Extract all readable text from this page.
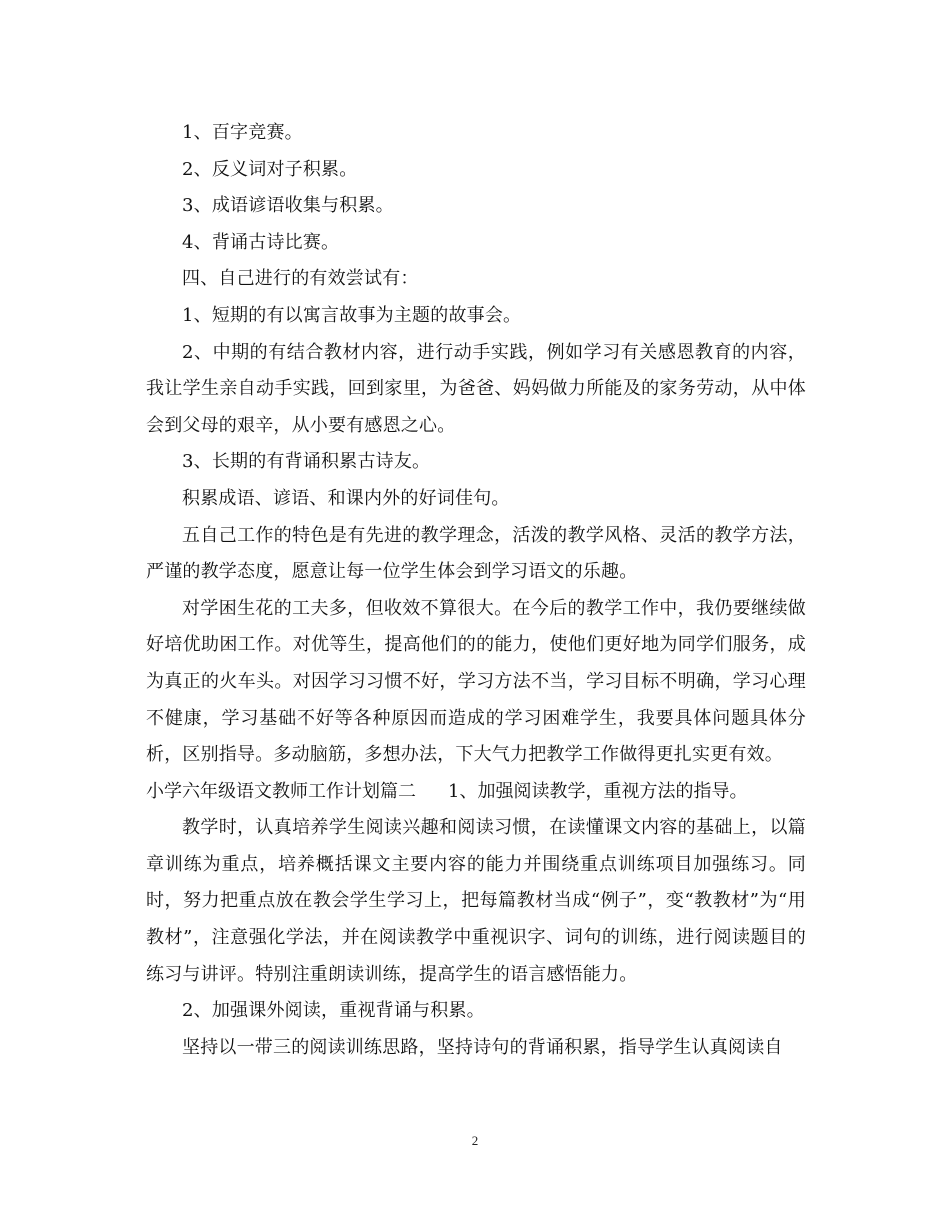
1、百字竞赛。

2、反义词对子积累。

3、成语谚语收集与积累。

4、背诵古诗比赛。

四、自己进行的有效尝试有：

1、短期的有以寓言故事为主题的故事会。

2、中期的有结合教材内容，进行动手实践，例如学习有关感恩教育的内容，我让学生亲自动手实践，回到家里，为爸爸、妈妈做力所能及的家务劳动，从中体会到父母的艰辛，从小要有感恩之心。

3、长期的有背诵积累古诗友。

积累成语、谚语、和课内外的好词佳句。

五自己工作的特色是有先进的教学理念，活泼的教学风格、灵活的教学方法，严谨的教学态度，愿意让每一位学生体会到学习语文的乐趣。

对学困生花的工夫多，但收效不算很大。在今后的教学工作中，我仍要继续做好培优助困工作。对优等生，提高他们的的能力，使他们更好地为同学们服务，成为真正的火车头。对因学习习惯不好，学习方法不当，学习目标不明确，学习心理不健康，学习基础不好等各种原因而造成的学习困难学生，我要具体问题具体分析，区别指导。多动脑筋，多想办法，下大气力把教学工作做得更扎实更有效。

小学六年级语文教师工作计划篇二 1、加强阅读教学，重视方法的指导。

教学时，认真培养学生阅读兴趣和阅读习惯，在读懂课文内容的基础上，以篇章训练为重点，培养概括课文主要内容的能力并围绕重点训练项目加强练习。同时，努力把重点放在教会学生学习上，把每篇教材当成“例子”，变“教教材”为“用教材”，注意强化学法，并在阅读教学中重视识字、词句的训练，进行阅读题目的练习与讲评。特别注重朗读训练，提高学生的语言感悟能力。

2、加强课外阅读，重视背诵与积累。

坚持以一带三的阅读训练思路，坚持诗句的背诵积累，指导学生认真阅读自

2
